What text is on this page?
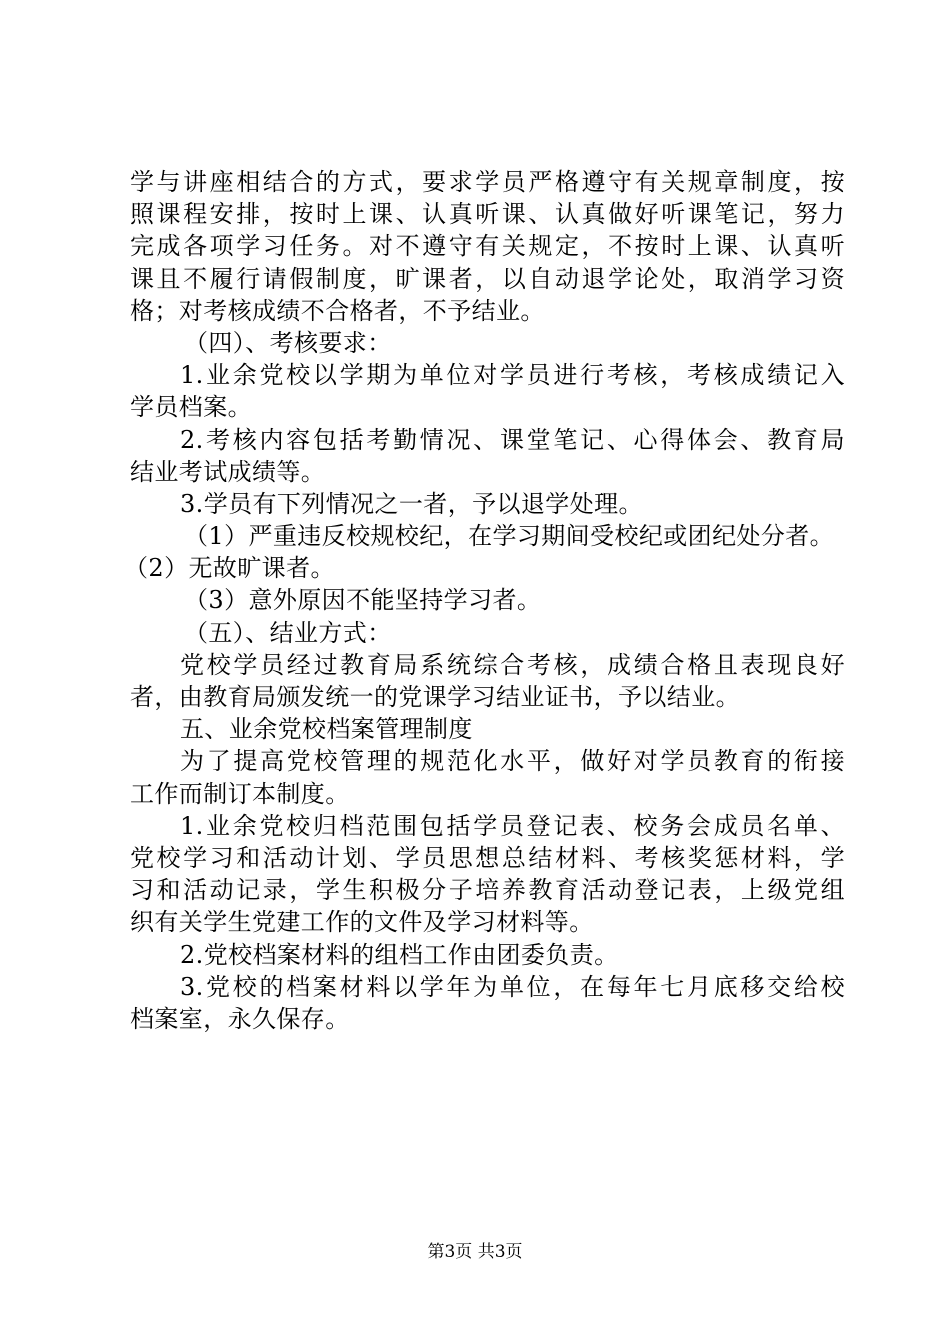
学与讲座相结合的方式，要求学员严格遵守有关规章制度，按
照课程安排，按时上课、认真听课、认真做好听课笔记，努力
完成各项学习任务。对不遵守有关规定，不按时上课、认真听
课且不履行请假制度，旷课者，以自动退学论处，取消学习资
格；对考核成绩不合格者，不予结业。
（四）、考核要求：
1.业余党校以学期为单位对学员进行考核，考核成绩记入
学员档案。
2.考核内容包括考勤情况、课堂笔记、心得体会、教育局
结业考试成绩等。
3.学员有下列情况之一者，予以退学处理。
（1）严重违反校规校纪，在学习期间受校纪或团纪处分者。
（2）无故旷课者。
（3）意外原因不能坚持学习者。
（五）、结业方式：
党校学员经过教育局系统综合考核，成绩合格且表现良好
者，由教育局颁发统一的党课学习结业证书，予以结业。
五、业余党校档案管理制度
为了提高党校管理的规范化水平，做好对学员教育的衔接
工作而制订本制度。
1.业余党校归档范围包括学员登记表、校务会成员名单、
党校学习和活动计划、学员思想总结材料、考核奖惩材料，学
习和活动记录，学生积极分子培养教育活动登记表，上级党组
织有关学生党建工作的文件及学习材料等。
2.党校档案材料的组档工作由团委负责。
3.党校的档案材料以学年为单位，在每年七月底移交给校
档案室，永久保存。
第3页 共3页
